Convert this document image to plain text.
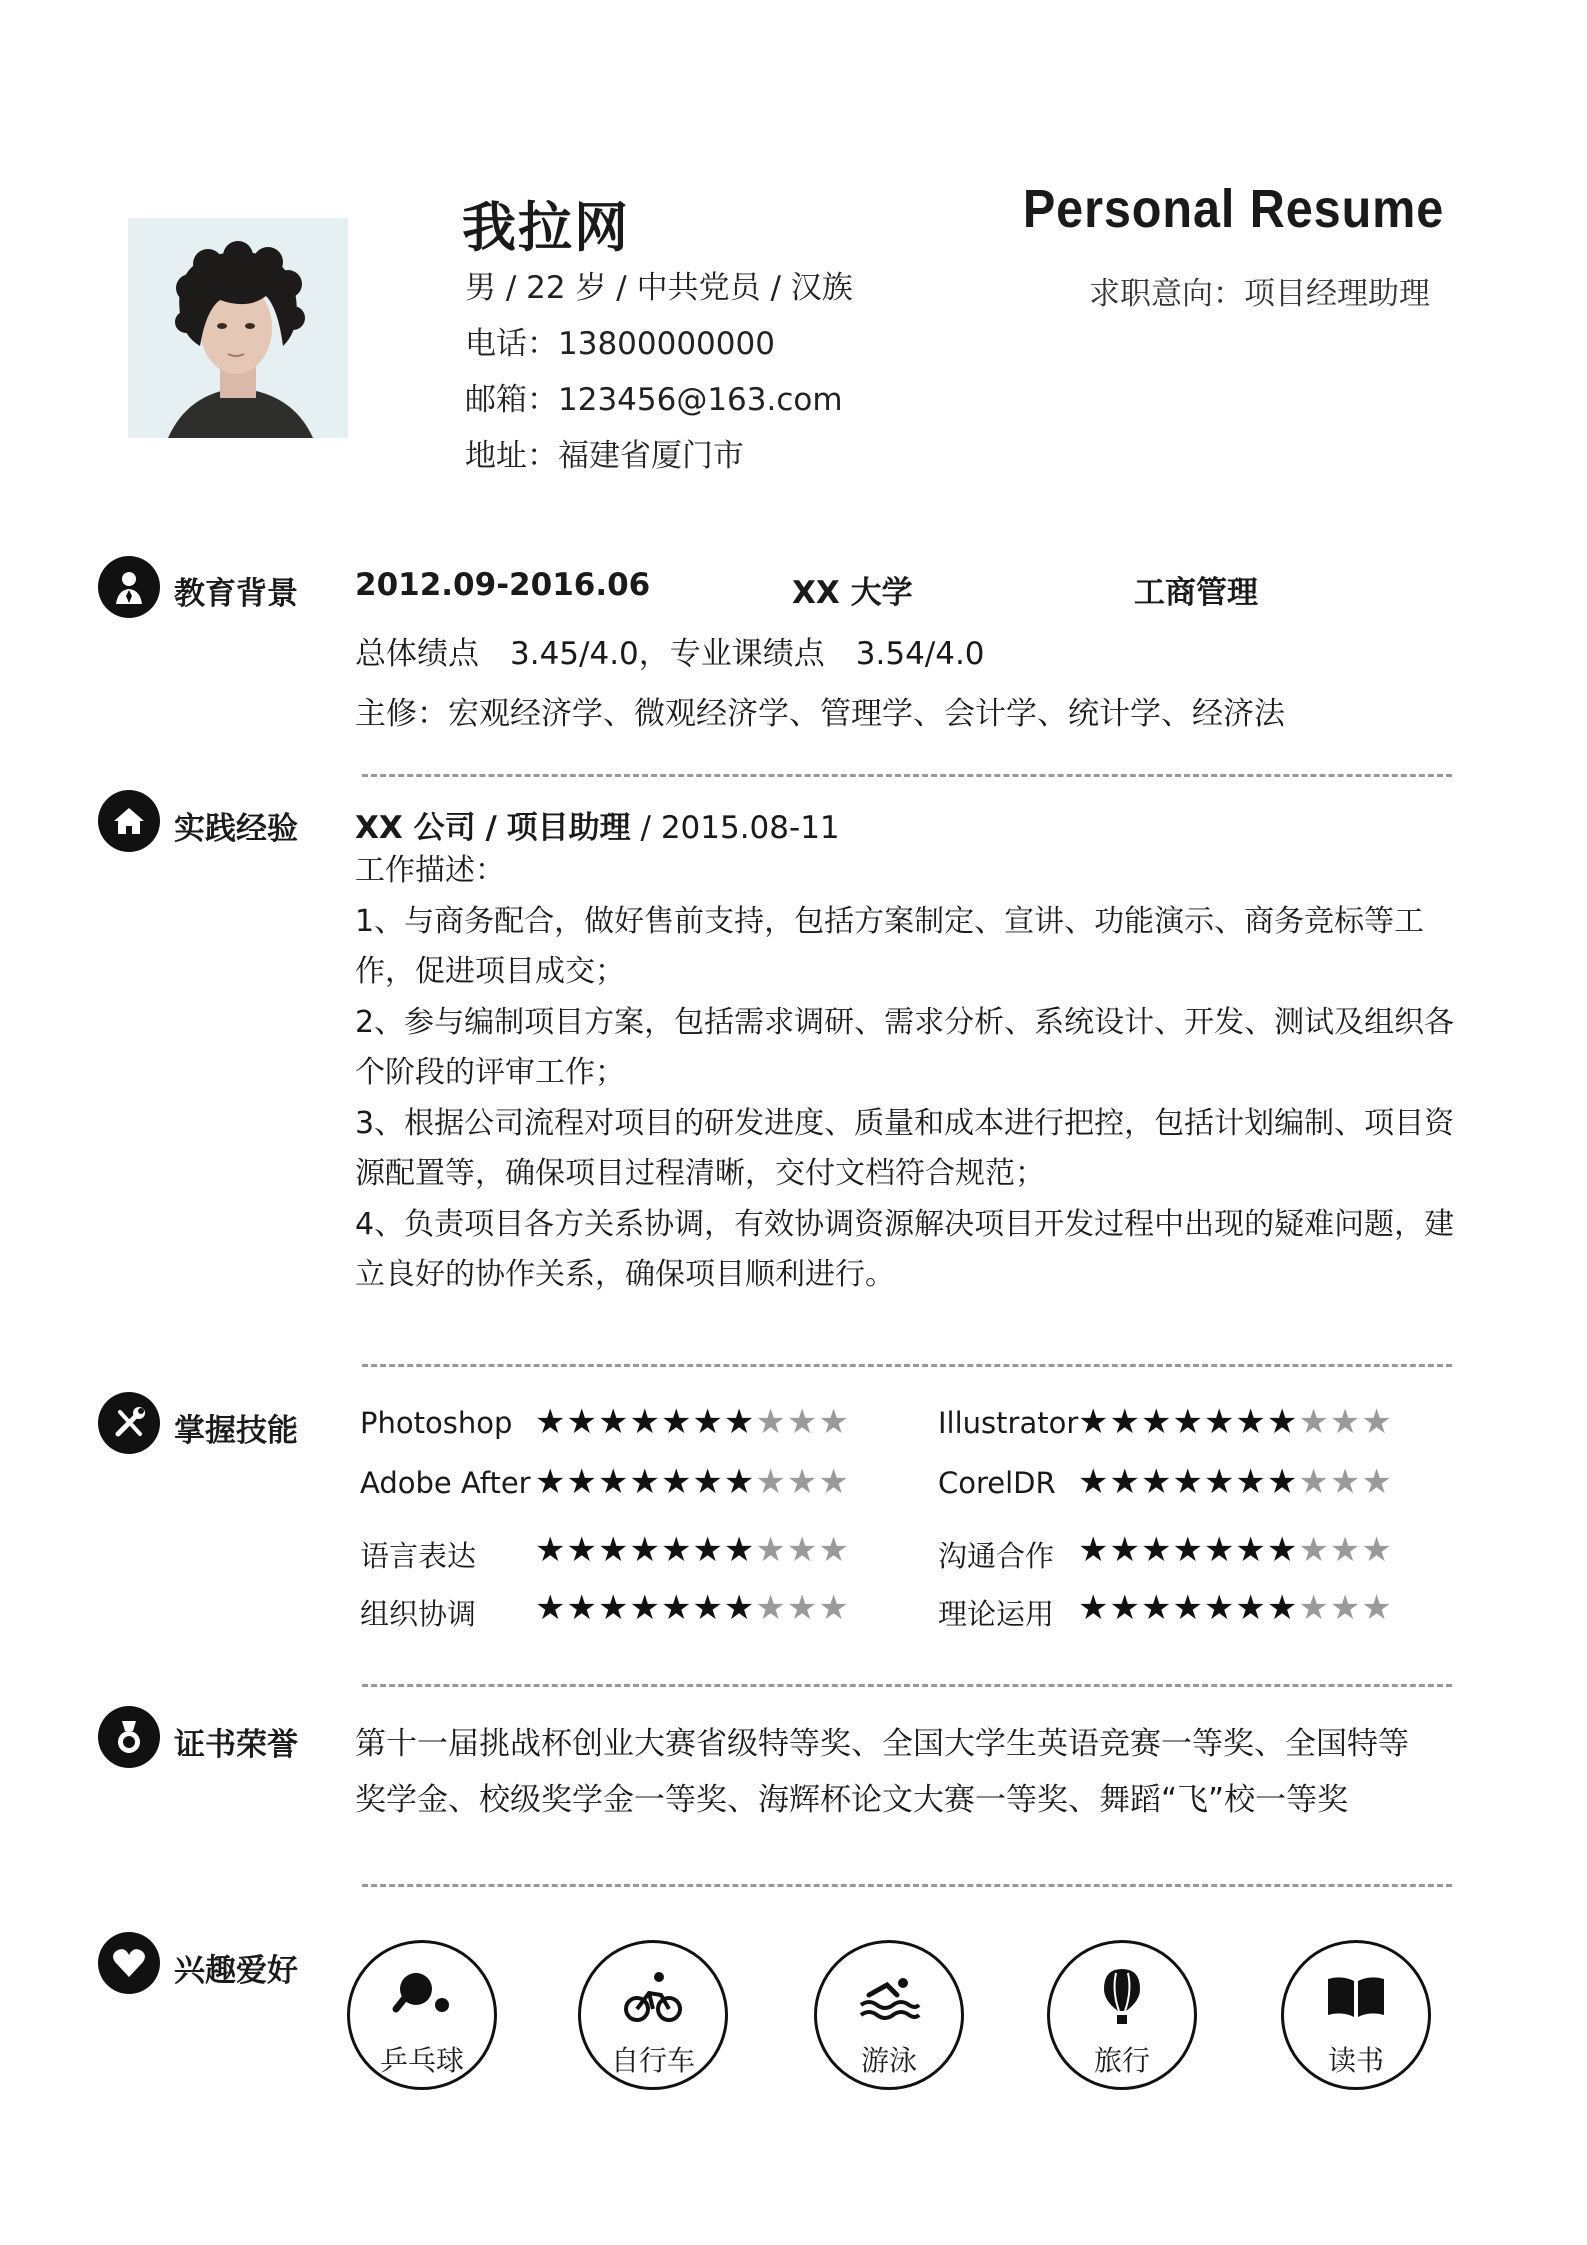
我拉网
男 / 22 岁 / 中共党员 / 汉族
电话：13800000000
邮箱：123456@163.com
地址：福建省厦门市
Personal Resume
求职意向：项目经理助理
教育背景 2012.09-2016.06	XX 大学	工商管理
总体绩点　3.45/4.0，专业课绩点　3.54/4.0
主修：宏观经济学、微观经济学、管理学、会计学、统计学、经济法
实践经验 XX 公司 / 项目助理 / 2015.08-11
工作描述：
1、与商务配合，做好售前支持，包括方案制定、宣讲、功能演示、商务竞标等工作，促进项目成交；
2、参与编制项目方案，包括需求调研、需求分析、系统设计、开发、测试及组织各个阶段的评审工作；
3、根据公司流程对项目的研发进度、质量和成本进行把控，包括计划编制、项目资源配置等，确保项目过程清晰，交付文档符合规范；
4、负责项目各方关系协调，有效协调资源解决项目开发过程中出现的疑难问题，建立良好的协作关系，确保项目顺利进行。
掌握技能 Photoshop ★★★★★★★★★★	Illustrator ★★★★★★★★★★
Adobe After ★★★★★★★★★★	CorelDR ★★★★★★★★★★
语言表达 ★★★★★★★★★★	沟通合作 ★★★★★★★★★★
组织协调 ★★★★★★★★★★	理论运用 ★★★★★★★★★★
证书荣誉 第十一届挑战杯创业大赛省级特等奖、全国大学生英语竞赛一等奖、全国特等
奖学金、校级奖学金一等奖、海辉杯论文大赛一等奖、舞蹈“飞”校一等奖
兴趣爱好
乒乓球	自行车	游泳	旅行	读书
